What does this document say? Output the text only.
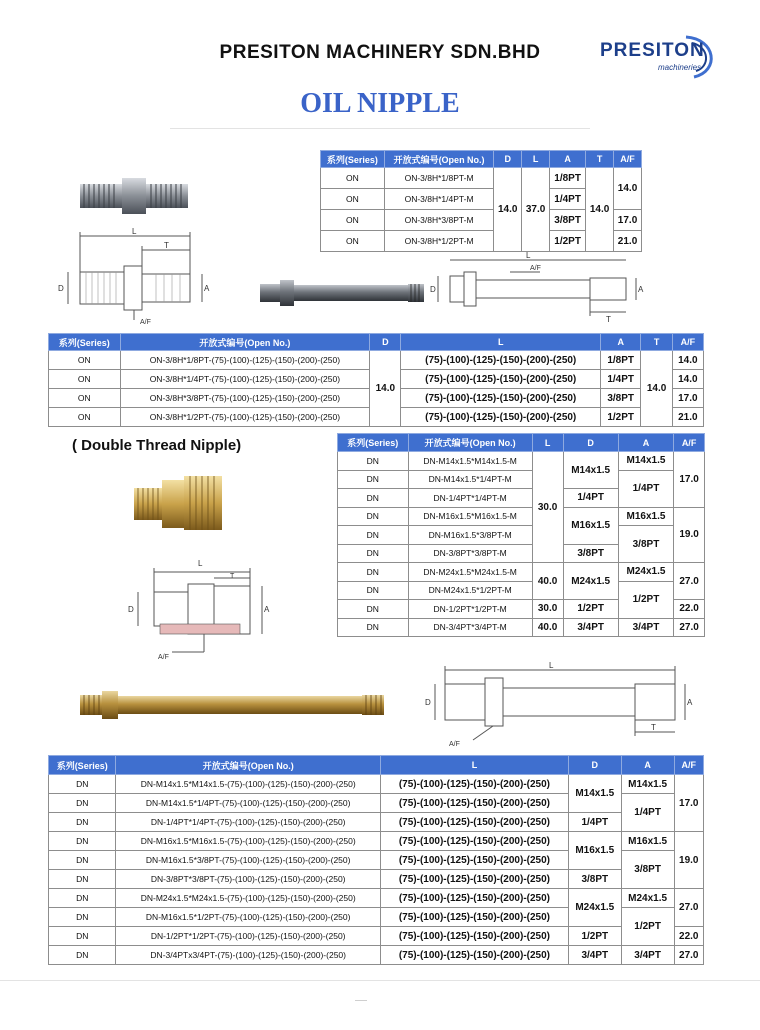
PRESITON MACHINERY SDN.BHD	PRESITON
machineries
OIL NIPPLE
L
T
D	A
A/F
系列(Series)	开放式编号(Open No.)	D	L	A	T	A/F
ON	ON-3/8H*1/8PT-M	14.0	37.0	1/8PT	14.0	14.0
ON	ON-3/8H*1/4PT-M			1/4PT		
ON	ON-3/8H*3/8PT-M			3/8PT		17.0
ON	ON-3/8H*1/2PT-M			1/2PT		21.0
L
A/F
D
T
A
系列(Series)	开放式编号(Open No.)	D	L	A	T	A/F
ON	ON-3/8H*1/8PT-(75)-(100)-(125)-(150)-(200)-(250)	14.0	(75)-(100)-(125)-(150)-(200)-(250)	1/8PT	14.0	14.0
ON	ON-3/8H*1/4PT-(75)-(100)-(125)-(150)-(200)-(250)		(75)-(100)-(125)-(150)-(200)-(250)	1/4PT		14.0
ON	ON-3/8H*3/8PT-(75)-(100)-(125)-(150)-(200)-(250)		(75)-(100)-(125)-(150)-(200)-(250)	3/8PT		17.0
ON	ON-3/8H*1/2PT-(75)-(100)-(125)-(150)-(200)-(250)		(75)-(100)-(125)-(150)-(200)-(250)	1/2PT		21.0
( Double Thread Nipple)
L
T
D	A
A/F
系列(Series)	开放式编号(Open No.)	L	D	A	A/F
DN	DN-M14x1.5*M14x1.5-M	30.0	M14x1.5	M14x1.5	17.0
DN	DN-M14x1.5*1/4PT-M			1/4PT	
DN	DN-1/4PT*1/4PT-M		1/4PT		
DN	DN-M16x1.5*M16x1.5-M		M16x1.5	M16x1.5	19.0
DN	DN-M16x1.5*3/8PT-M			3/8PT	
DN	DN-3/8PT*3/8PT-M		3/8PT		
DN	DN-M24x1.5*M24x1.5-M	40.0	M24x1.5	M24x1.5	27.0
DN	DN-M24x1.5*1/2PT-M			1/2PT	
DN	DN-1/2PT*1/2PT-M	30.0	1/2PT		22.0
DN	DN-3/4PT*3/4PT-M	40.0	3/4PT	3/4PT	27.0
L
D	A
T
A/F
系列(Series)	开放式编号(Open No.)	L	D	A	A/F
DN	DN-M14x1.5*M14x1.5-(75)-(100)-(125)-(150)-(200)-(250)	(75)-(100)-(125)-(150)-(200)-(250)	M14x1.5	M14x1.5	17.0
DN	DN-M14x1.5*1/4PT-(75)-(100)-(125)-(150)-(200)-(250)	(75)-(100)-(125)-(150)-(200)-(250)		1/4PT	
DN	DN-1/4PT*1/4PT-(75)-(100)-(125)-(150)-(200)-(250)	(75)-(100)-(125)-(150)-(200)-(250)	1/4PT		
DN	DN-M16x1.5*M16x1.5-(75)-(100)-(125)-(150)-(200)-(250)	(75)-(100)-(125)-(150)-(200)-(250)	M16x1.5	M16x1.5	19.0
DN	DN-M16x1.5*3/8PT-(75)-(100)-(125)-(150)-(200)-(250)	(75)-(100)-(125)-(150)-(200)-(250)		3/8PT	
DN	DN-3/8PT*3/8PT-(75)-(100)-(125)-(150)-(200)-(250)	(75)-(100)-(125)-(150)-(200)-(250)	3/8PT		
DN	DN-M24x1.5*M24x1.5-(75)-(100)-(125)-(150)-(200)-(250)	(75)-(100)-(125)-(150)-(200)-(250)	M24x1.5	M24x1.5	27.0
DN	DN-M16x1.5*1/2PT-(75)-(100)-(125)-(150)-(200)-(250)	(75)-(100)-(125)-(150)-(200)-(250)		1/2PT	
DN	DN-1/2PT*1/2PT-(75)-(100)-(125)-(150)-(200)-(250)	(75)-(100)-(125)-(150)-(200)-(250)	1/2PT		22.0
DN	DN-3/4PTx3/4PT-(75)-(100)-(125)-(150)-(200)-(250)	(75)-(100)-(125)-(150)-(200)-(250)	3/4PT	3/4PT	27.0
